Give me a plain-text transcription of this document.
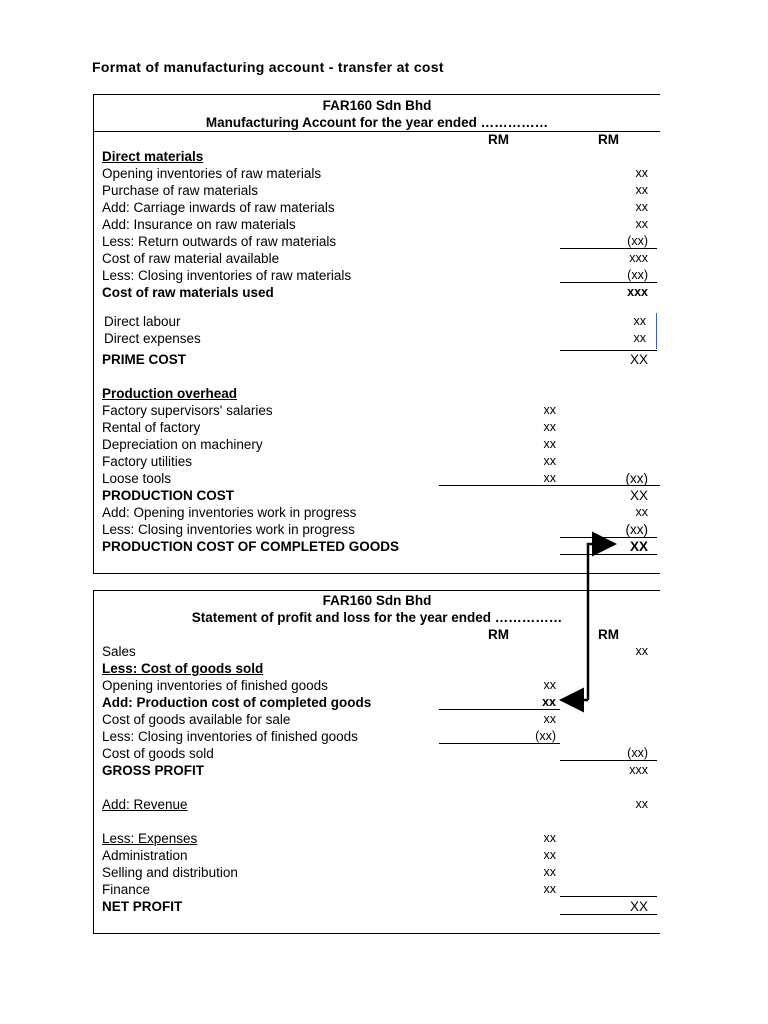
Format of manufacturing account - transfer at cost
FAR160 Sdn Bhd
Manufacturing Account for the year ended ……………
RM	RM
Direct materials
Opening inventories of raw materials	xx
Purchase of raw materials	xx
Add: Carriage inwards of raw materials	xx
Add: Insurance on raw materials	xx
Less: Return outwards of raw materials	(xx)
Cost of raw material available	xxx
Less: Closing inventories of raw materials	(xx)
Cost of raw materials used	xxx
Direct labour	xx
Direct expenses	xx
PRIME COST	XX
Production overhead
Factory supervisors' salaries	xx
Rental of factory	xx
Depreciation on machinery	xx
Factory utilities	xx
Loose tools	xx	(xx)
PRODUCTION COST	XX
Add: Opening inventories work in progress	xx
Less: Closing inventories work in progress	(xx)
PRODUCTION COST OF COMPLETED GOODS	XX
FAR160 Sdn Bhd
Statement of profit and loss for the year ended ……………
RM	RM
Sales	xx
Less: Cost of goods sold
Opening inventories of finished goods	xx
Add: Production cost of completed goods	xx
Cost of goods available for sale	xx
Less: Closing inventories of finished goods	(xx)
Cost of goods sold	(xx)
GROSS PROFIT	xxx
Add: Revenue	xx
Less: Expenses	xx
Administration	xx
Selling and distribution	xx
Finance	xx
NET PROFIT	XX
